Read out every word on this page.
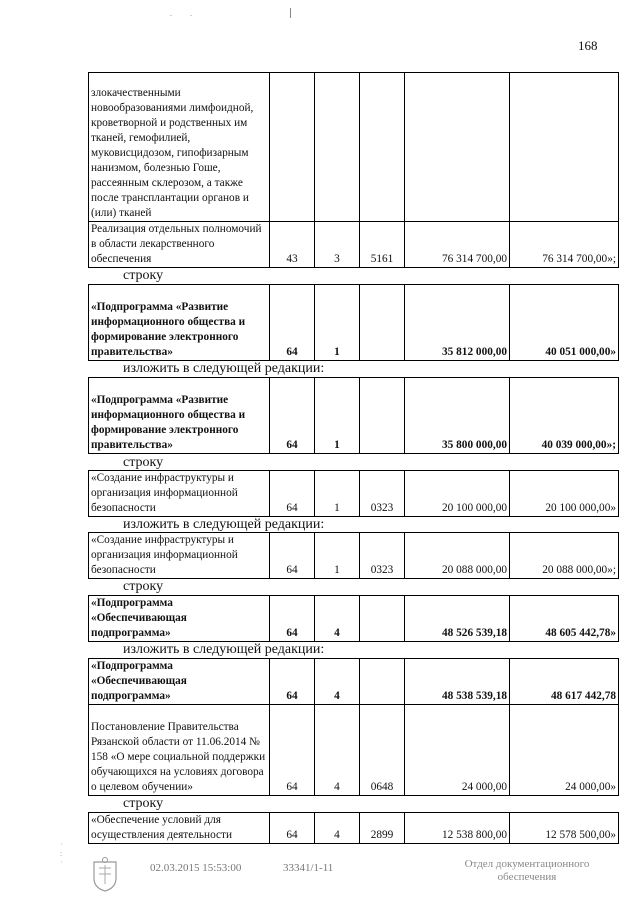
. .
168
злокачественными новообразованиями лимфоидной, кроветворной и родственных им тканей, гемофилией, муковисцидозом, гипофизарным нанизмом, болезнью Гоше, рассеянным склерозом, а также после трансплантации органов и (или) тканей					
Реализация отдельных полномочий в области лекарственного обеспечения	43	3	5161	76 314 700,00	76 314 700,00»;
строку
«Подпрограмма «Развитие информационного общества и формирование электронного правительства»	64	1		35 812 000,00	40 051 000,00»
изложить в следующей редакции:
«Подпрограмма «Развитие информационного общества и формирование электронного правительства»	64	1		35 800 000,00	40 039 000,00»;
строку
«Создание инфраструктуры и организация информационной безопасности	64	1	0323	20 100 000,00	20 100 000,00»
изложить в следующей редакции:
«Создание инфраструктуры и организация информационной безопасности	64	1	0323	20 088 000,00	20 088 000,00»;
строку
«Подпрограмма «Обеспечивающая подпрограмма»	64	4		48 526 539,18	48 605 442,78»
изложить в следующей редакции:
«Подпрограмма «Обеспечивающая подпрограмма»	64	4		48 538 539,18	48 617 442,78
Постановление Правительства Рязанской области от 11.06.2014 № 158 «О мере социальной поддержки обучающихся на условиях договора о целевом обучении»	64	4	0648	24 000,00	24 000,00»
строку
«Обеспечение условий для осуществления деятельности	64	4	2899	12 538 800,00	12 578 500,00»
·
:
·	02.03.2015 15:53:00	33341/1-11	Отдел документационного
обеспечения
